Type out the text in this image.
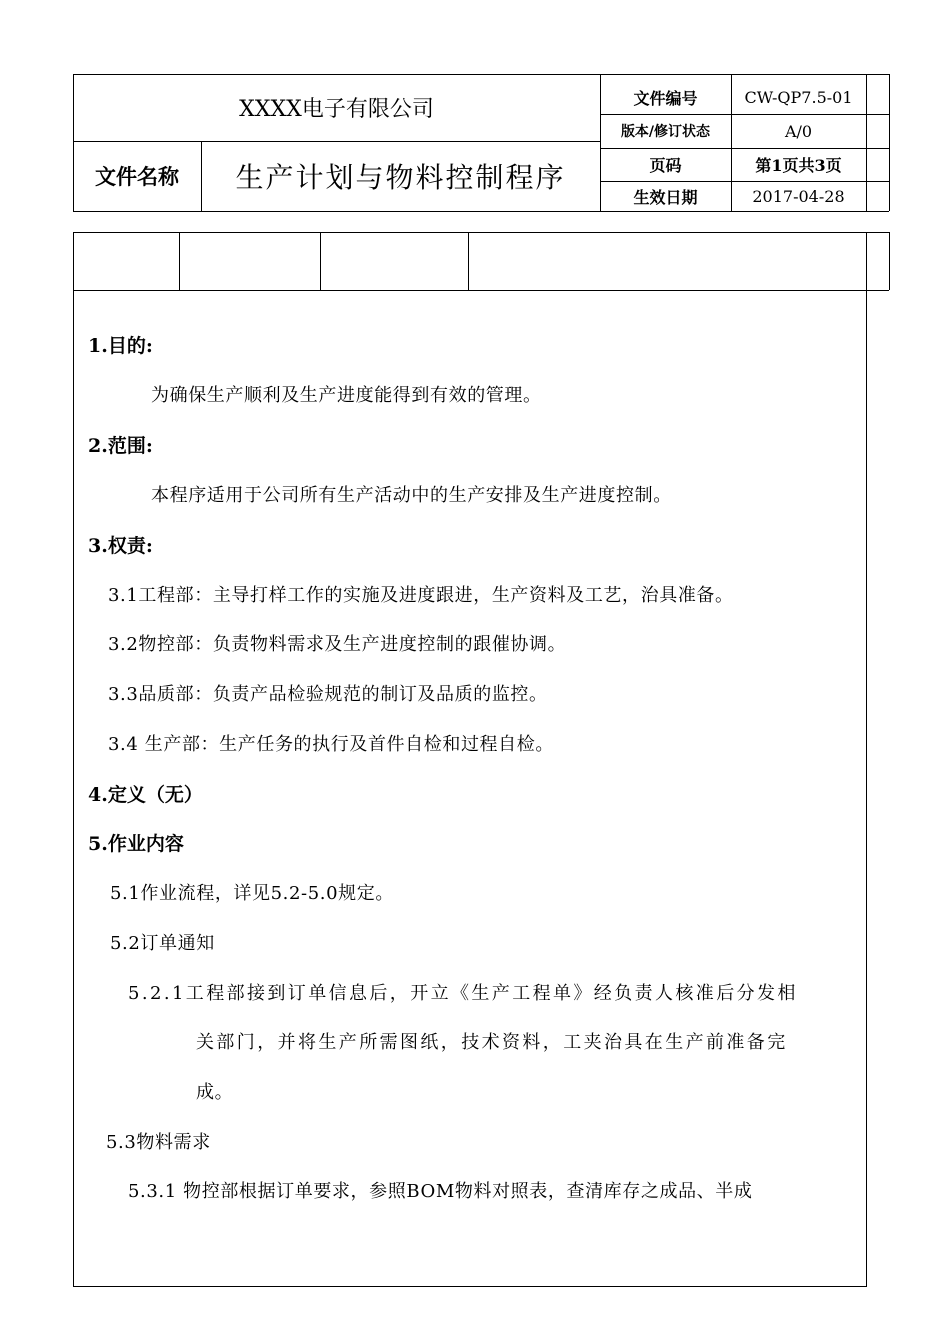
XXXX电子有限公司
文件名称	生产计划与物料控制程序
文件编号	CW-QP7.5-01
版本/修订状态	A/0
页码	第1页共3页
生效日期	2017-04-28
1.目的:
为确保生产顺利及生产进度能得到有效的管理。
2.范围:
本程序适用于公司所有生产活动中的生产安排及生产进度控制。
3.权责:
3.1工程部：主导打样工作的实施及进度跟进，生产资料及工艺，治具准备。
3.2物控部：负责物料需求及生产进度控制的跟催协调。
3.3品质部：负责产品检验规范的制订及品质的监控。
3.4 生产部：生产任务的执行及首件自检和过程自检。
4.定义（无）
5.作业内容
5.1作业流程，详见5.2-5.0规定。
5.2订单通知
5.2.1工程部接到订单信息后，开立《生产工程单》经负责人核准后分发相
关部门，并将生产所需图纸，技术资料，工夹治具在生产前准备完
成。
5.3物料需求
5.3.1 物控部根据订单要求，参照BOM物料对照表，查清库存之成品、半成
